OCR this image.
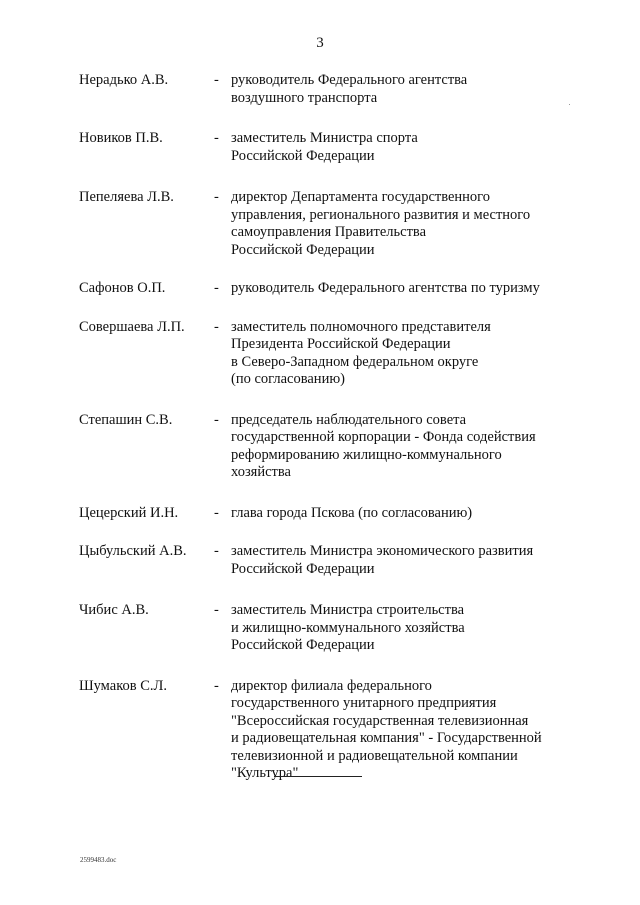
3
Нерадько А.В.	- руководитель Федерального агентства
воздушного транспорта
Новиков П.В.	- заместитель Министра спорта
Российской Федерации
Пепеляева Л.В.	- директор Департамента государственного
управления, регионального развития и местного
самоуправления Правительства
Российской Федерации
Сафонов О.П.	- руководитель Федерального агентства по туризму
Совершаева Л.П.	- заместитель полномочного представителя
Президента Российской Федерации
в Северо-Западном федеральном округе
(по согласованию)
Степашин С.В.	- председатель наблюдательного совета
государственной корпорации - Фонда содействия
реформированию жилищно-коммунального
хозяйства
Цецерский И.Н.	- глава города Пскова (по согласованию)
Цыбульский А.В.	- заместитель Министра экономического развития
Российской Федерации
Чибис А.В.	- заместитель Министра строительства
и жилищно-коммунального хозяйства
Российской Федерации
Шумаков С.Л.	- директор филиала федерального
государственного унитарного предприятия
"Всероссийская государственная телевизионная
и радиовещательная компания" - Государственной
телевизионной и радиовещательной компании
"Культура"
2599483.doc
